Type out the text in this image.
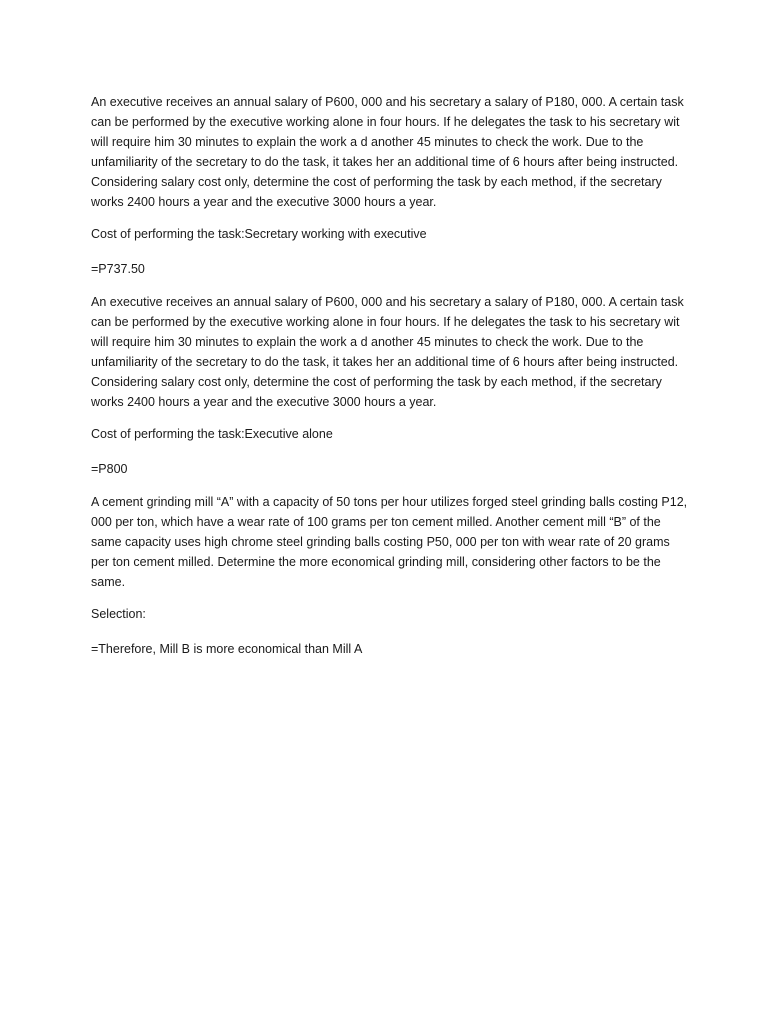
An executive receives an annual salary of P600, 000 and his secretary a salary of P180, 000. A certain task can be performed by the executive working alone in four hours. If he delegates the task to his secretary wit will require him 30 minutes to explain the work a d another 45 minutes to check the work. Due to the unfamiliarity of the secretary to do the task, it takes her an additional time of 6 hours after being instructed. Considering salary cost only, determine the cost of performing the task by each method, if the secretary works 2400 hours a year and the executive 3000 hours a year.

Cost of performing the task:Secretary working with executive

=P737.50

An executive receives an annual salary of P600, 000 and his secretary a salary of P180, 000. A certain task can be performed by the executive working alone in four hours. If he delegates the task to his secretary wit will require him 30 minutes to explain the work a d another 45 minutes to check the work. Due to the unfamiliarity of the secretary to do the task, it takes her an additional time of 6 hours after being instructed. Considering salary cost only, determine the cost of performing the task by each method, if the secretary works 2400 hours a year and the executive 3000 hours a year.

Cost of performing the task:Executive alone

=P800

A cement grinding mill “A” with a capacity of 50 tons per hour utilizes forged steel grinding balls costing P12, 000 per ton, which have a wear rate of 100 grams per ton cement milled. Another cement mill “B” of the same capacity uses high chrome steel grinding balls costing P50, 000 per ton with wear rate of 20 grams per ton cement milled. Determine the more economical grinding mill, considering other factors to be the same.

Selection:

=Therefore, Mill B is more economical than Mill A
